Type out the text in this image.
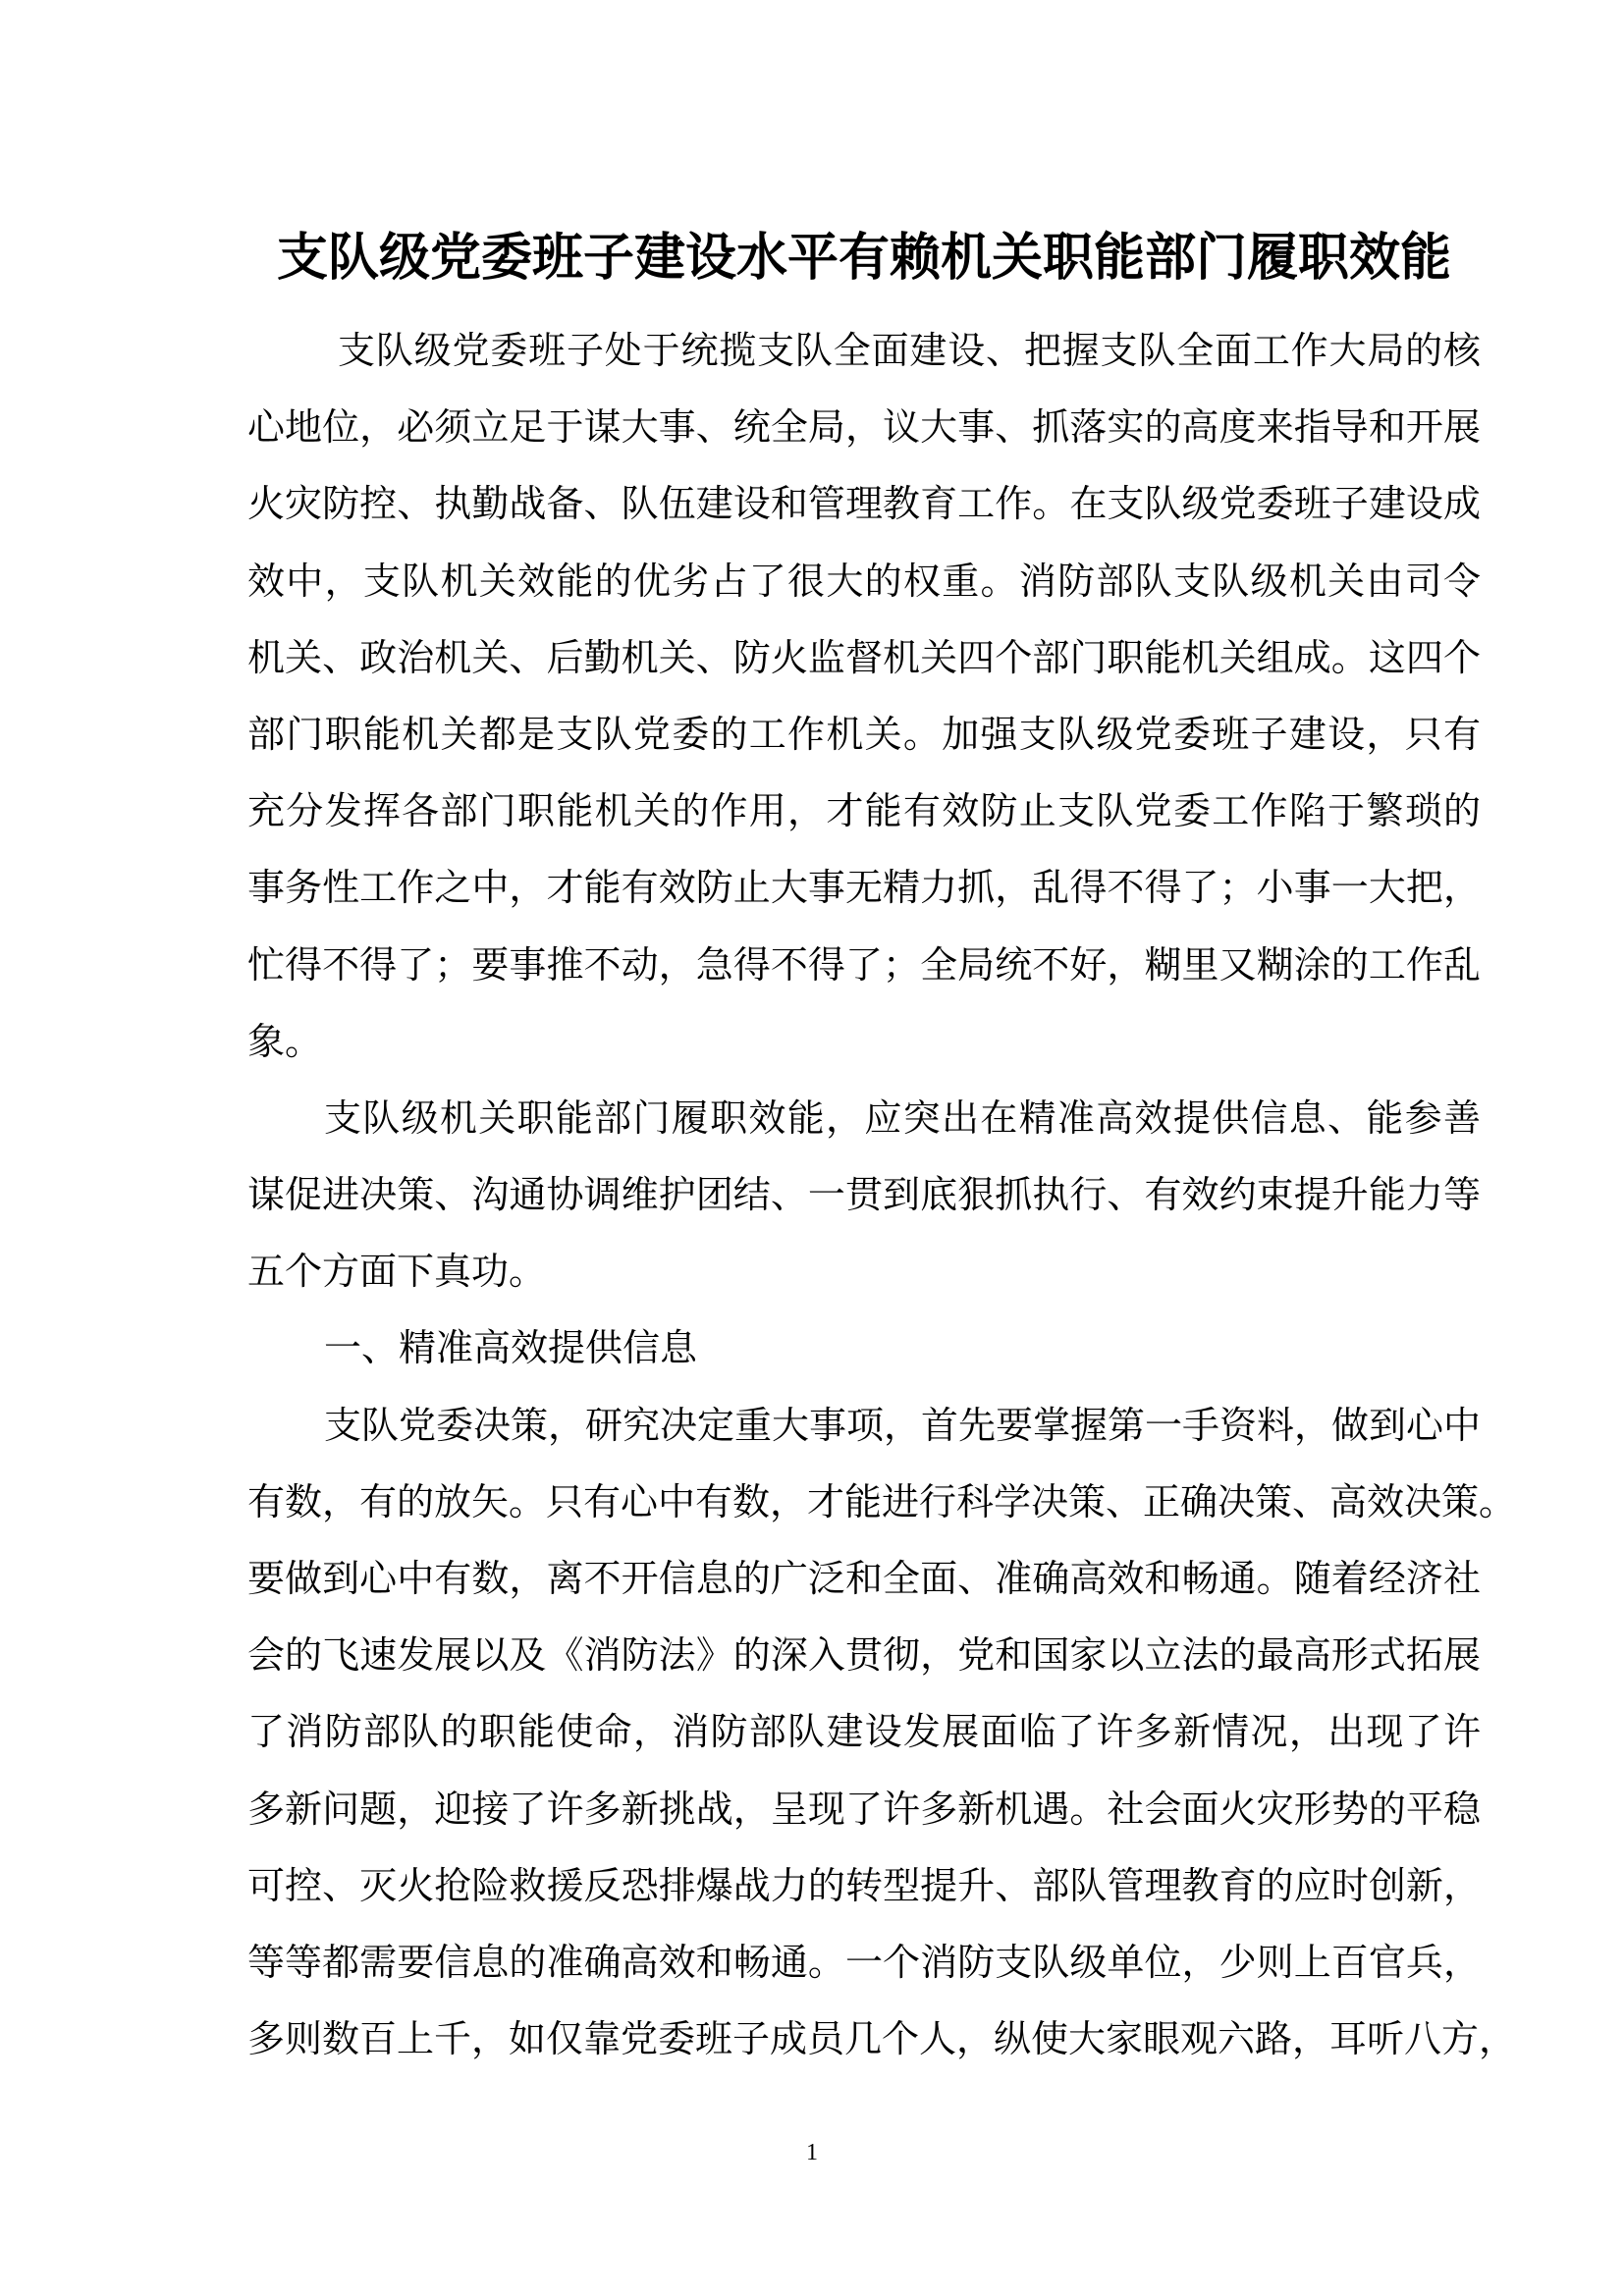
支队级党委班子建设水平有赖机关职能部门履职效能
支队级党委班子处于统揽支队全面建设、把握支队全面工作大局的核
心地位，必须立足于谋大事、统全局，议大事、抓落实的高度来指导和开展
火灾防控、执勤战备、队伍建设和管理教育工作。在支队级党委班子建设成
效中，支队机关效能的优劣占了很大的权重。消防部队支队级机关由司令
机关、政治机关、后勤机关、防火监督机关四个部门职能机关组成。这四个
部门职能机关都是支队党委的工作机关。加强支队级党委班子建设，只有
充分发挥各部门职能机关的作用，才能有效防止支队党委工作陷于繁琐的
事务性工作之中，才能有效防止大事无精力抓，乱得不得了；小事一大把，
忙得不得了；要事推不动，急得不得了；全局统不好，糊里又糊涂的工作乱
象。
支队级机关职能部门履职效能，应突出在精准高效提供信息、能参善
谋促进决策、沟通协调维护团结、一贯到底狠抓执行、有效约束提升能力等
五个方面下真功。
一、精准高效提供信息
支队党委决策，研究决定重大事项，首先要掌握第一手资料，做到心中
有数，有的放矢。只有心中有数，才能进行科学决策、正确决策、高效决策。
要做到心中有数，离不开信息的广泛和全面、准确高效和畅通。随着经济社
会的飞速发展以及《消防法》的深入贯彻，党和国家以立法的最高形式拓展
了消防部队的职能使命，消防部队建设发展面临了许多新情况，出现了许
多新问题，迎接了许多新挑战，呈现了许多新机遇。社会面火灾形势的平稳
可控、灭火抢险救援反恐排爆战力的转型提升、部队管理教育的应时创新，
等等都需要信息的准确高效和畅通。一个消防支队级单位，少则上百官兵，
多则数百上千，如仅靠党委班子成员几个人，纵使大家眼观六路，耳听八方，
1
